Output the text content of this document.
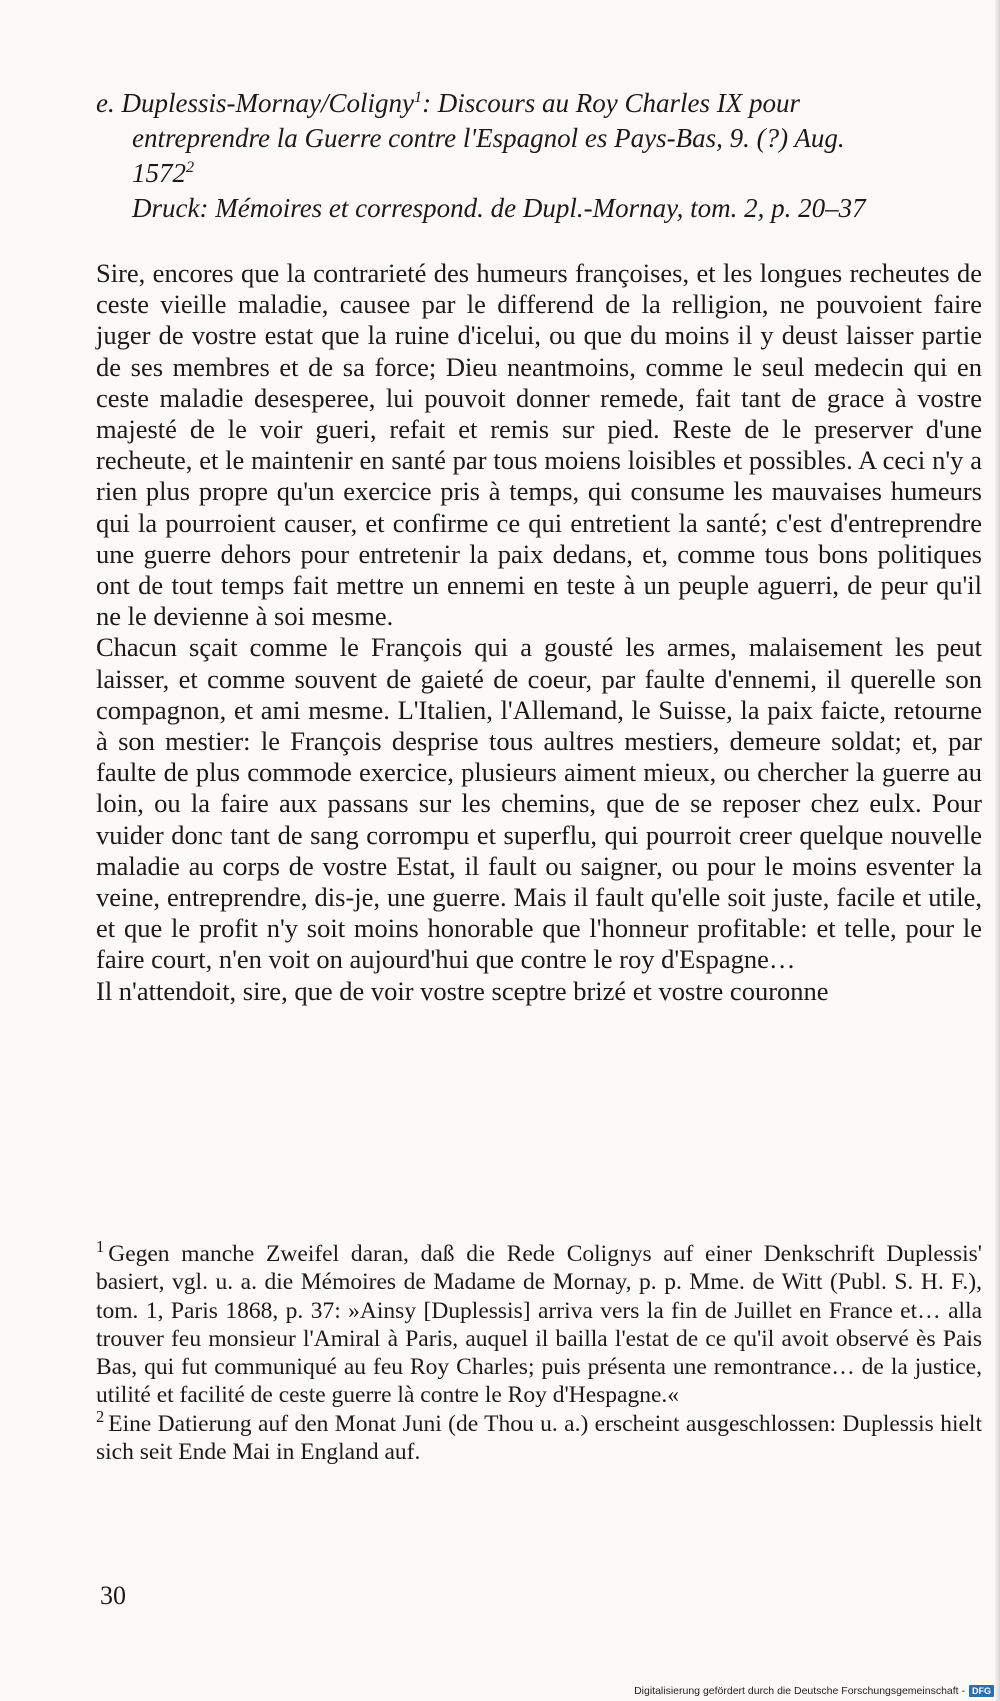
e. Duplessis-Mornay/Coligny$^1$: Discours au Roy Charles IX pour
entreprendre la Guerre contre l'Espagnol es Pays-Bas, 9. (?) Aug.
1572$^2$
Druck: Mémoires et correspond. de Dupl.-Mornay, tom. 2, p. 20–37

Sire, encores que la contrarieté des humeurs françoises, et les longues recheutes de ceste vieille maladie, causee par le differend de la relligion, ne pouvoient faire juger de vostre estat que la ruine d'icelui, ou que du moins il y deust laisser partie de ses membres et de sa force; Dieu neantmoins, comme le seul medecin qui en ceste maladie desesperee, lui pouvoit donner remede, fait tant de grace à vostre majesté de le voir gueri, refait et remis sur pied. Reste de le preserver d'une recheute, et le maintenir en santé par tous moiens loisibles et possibles. A ceci n'y a rien plus propre qu'un exercice pris à temps, qui consume les mauvaises humeurs qui la pourroient causer, et confirme ce qui entretient la santé; c'est d'entreprendre une guerre dehors pour entretenir la paix dedans, et, comme tous bons politiques ont de tout temps fait mettre un ennemi en teste à un peuple aguerri, de peur qu'il ne le devienne à soi mesme.

Chacun sçait comme le François qui a gousté les armes, malaisement les peut laisser, et comme souvent de gaieté de coeur, par faulte d'ennemi, il querelle son compagnon, et ami mesme. L'Italien, l'Allemand, le Suisse, la paix faicte, retourne à son mestier: le François desprise tous aultres mestiers, demeure soldat; et, par faulte de plus commode exercice, plusieurs aiment mieux, ou chercher la guerre au loin, ou la faire aux passans sur les chemins, que de se reposer chez eulx. Pour vuider donc tant de sang corrompu et superflu, qui pourroit creer quelque nouvelle maladie au corps de vostre Estat, il fault ou saigner, ou pour le moins esventer la veine, entreprendre, dis-je, une guerre. Mais il fault qu'elle soit juste, facile et utile, et que le profit n'y soit moins honorable que l'honneur profitable: et telle, pour le faire court, n'en voit on aujourd'hui que contre le roy d'Espagne…

Il n'attendoit, sire, que de voir vostre sceptre brizé et vostre couronne

$^1$ Gegen manche Zweifel daran, daß die Rede Colignys auf einer Denkschrift Duplessis' basiert, vgl. u. a. die Mémoires de Madame de Mornay, p. p. Mme. de Witt (Publ. S. H. F.), tom. 1, Paris 1868, p. 37: »Ainsy [Duplessis] arriva vers la fin de Juillet en France et… alla trouver feu monsieur l'Amiral à Paris, auquel il bailla l'estat de ce qu'il avoit observé ès Pais Bas, qui fut communiqué au feu Roy Charles; puis présenta une remontrance… de la justice, utilité et facilité de ceste guerre là contre le Roy d'Hespagne.«

$^2$ Eine Datierung auf den Monat Juni (de Thou u. a.) erscheint ausgeschlossen: Duplessis hielt sich seit Ende Mai in England auf.

30
Digitalisierung gefördert durch die Deutsche Forschungsgemeinschaft - DFG
